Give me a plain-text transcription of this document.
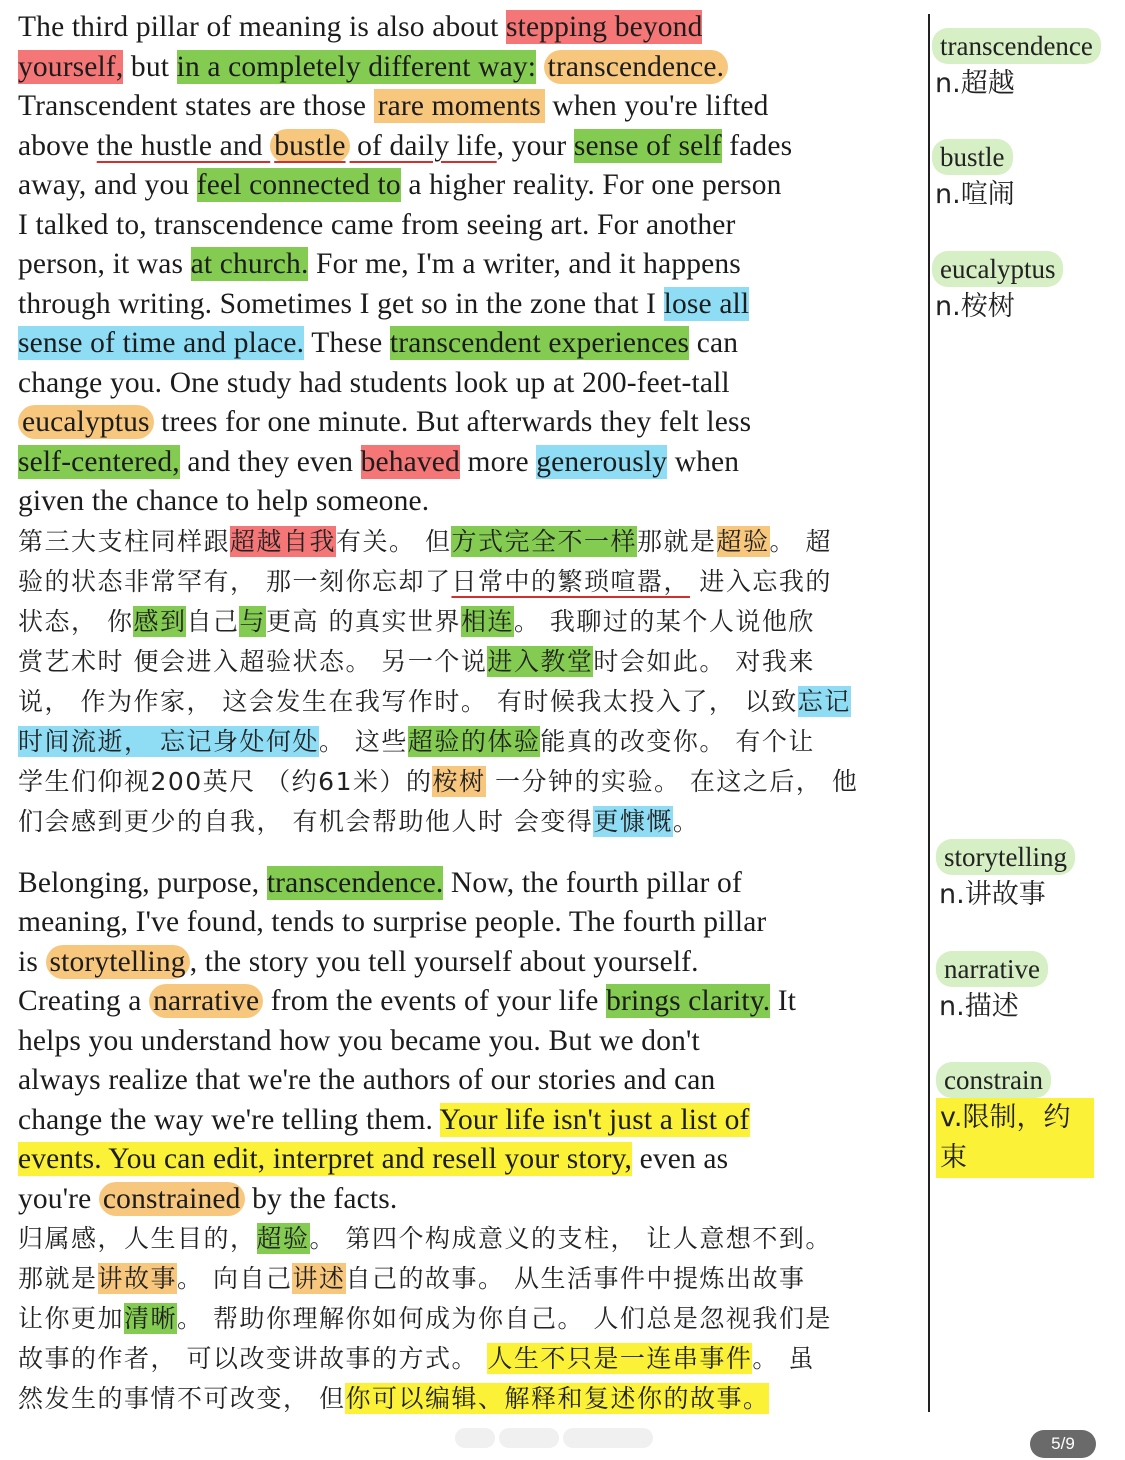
The third pillar of meaning is also about stepping beyond

yourself, but in a completely different way: transcendence.

Transcendent states are those rare moments when you're lifted

above the hustle and bustle of daily life, your sense of self fades

away, and you feel connected to a higher reality. For one person

I talked to, transcendence came from seeing art. For another

person, it was at church. For me, I'm a writer, and it happens

through writing. Sometimes I get so in the zone that I lose all

sense of time and place. These transcendent experiences can

change you. One study had students look up at 200-feet-tall

eucalyptus trees for one minute. But afterwards they felt less

self-centered, and they even behaved more generously when

given the chance to help someone.

第三大支柱同样跟超越自我有关。 但方式完全不一样那就是超验。 超

验的状态非常罕有， 那一刻你忘却了日常中的繁琐喧嚣， 进入忘我的

状态， 你感到自己与更高 的真实世界相连。 我聊过的某个人说他欣

赏艺术时 便会进入超验状态。 另一个说进入教堂时会如此。 对我来

说， 作为作家， 这会发生在我写作时。 有时候我太投入了， 以致忘记

时间流逝， 忘记身处何处。 这些超验的体验能真的改变你。 有个让

学生们仰视200英尺 （约61米）的桉树 一分钟的实验。 在这之后， 他

们会感到更少的自我， 有机会帮助他人时 会变得更慷慨。

Belonging, purpose, transcendence. Now, the fourth pillar of

meaning, I've found, tends to surprise people. The fourth pillar

is storytelling , the story you tell yourself about yourself.

Creating a narrative from the events of your life brings clarity. It

helps you understand how you became you. But we don't

always realize that we're the authors of our stories and can

change the way we're telling them. Your life isn't just a list of

events. You can edit, interpret and resell your story, even as

you're constrained by the facts.

归属感，人生目的，超验。 第四个构成意义的支柱， 让人意想不到。

那就是讲故事。 向自己讲述自己的故事。 从生活事件中提炼出故事

让你更加清晰。 帮助你理解你如何成为你自己。 人们总是忽视我们是

故事的作者， 可以改变讲故事的方式。 人生不只是一连串事件。 虽

然发生的事情不可改变， 但你可以编辑、解释和复述你的故事。

transcendence

n.超越

bustle

n.喧闹

eucalyptus

n.桉树

storytelling

n.讲故事

narrative

n.描述

constrain

v.限制，约束

5/9
